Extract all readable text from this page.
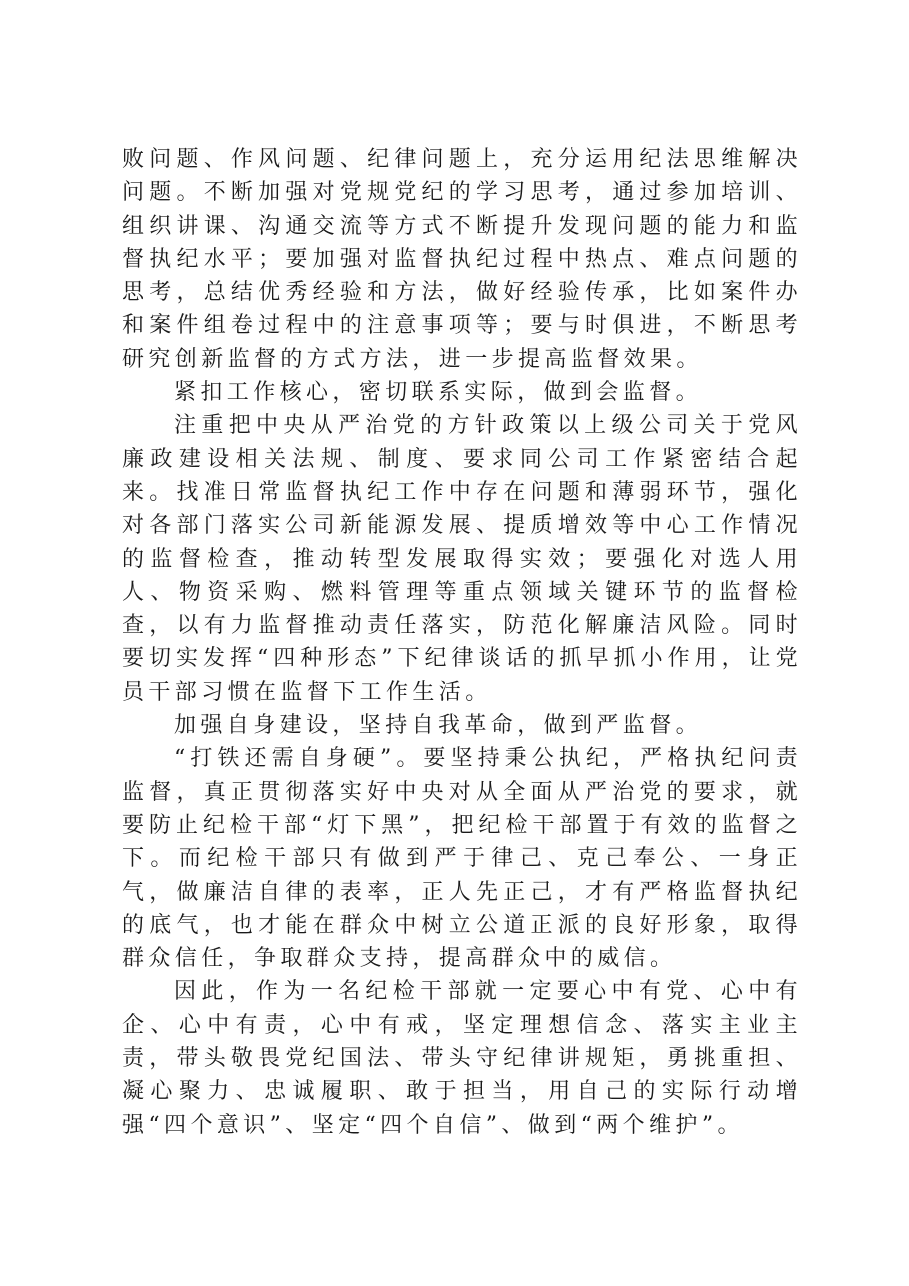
败问题、作风问题、纪律问题上，充分运用纪法思维解决问题。不断加强对党规党纪的学习思考，通过参加培训、组织讲课、沟通交流等方式不断提升发现问题的能力和监督执纪水平；要加强对监督执纪过程中热点、难点问题的思考，总结优秀经验和方法，做好经验传承，比如案件办和案件组卷过程中的注意事项等；要与时俱进，不断思考研究创新监督的方式方法，进一步提高监督效果。

紧扣工作核心，密切联系实际，做到会监督。

注重把中央从严治党的方针政策以上级公司关于党风廉政建设相关法规、制度、要求同公司工作紧密结合起来。找准日常监督执纪工作中存在问题和薄弱环节，强化对各部门落实公司新能源发展、提质增效等中心工作情况的监督检查，推动转型发展取得实效；要强化对选人用人、物资采购、燃料管理等重点领域关键环节的监督检查，以有力监督推动责任落实，防范化解廉洁风险。同时要切实发挥“四种形态”下纪律谈话的抓早抓小作用，让党员干部习惯在监督下工作生活。

加强自身建设，坚持自我革命，做到严监督。

“打铁还需自身硬”。要坚持秉公执纪，严格执纪问责监督，真正贯彻落实好中央对从全面从严治党的要求，就要防止纪检干部“灯下黑”，把纪检干部置于有效的监督之下。而纪检干部只有做到严于律己、克己奉公、一身正气，做廉洁自律的表率，正人先正己，才有严格监督执纪的底气，也才能在群众中树立公道正派的良好形象，取得群众信任，争取群众支持，提高群众中的威信。

因此，作为一名纪检干部就一定要心中有党、心中有企、心中有责，心中有戒，坚定理想信念、落实主业主责，带头敬畏党纪国法、带头守纪律讲规矩，勇挑重担、凝心聚力、忠诚履职、敢于担当，用自己的实际行动增强“四个意识”、坚定“四个自信”、做到“两个维护”。
